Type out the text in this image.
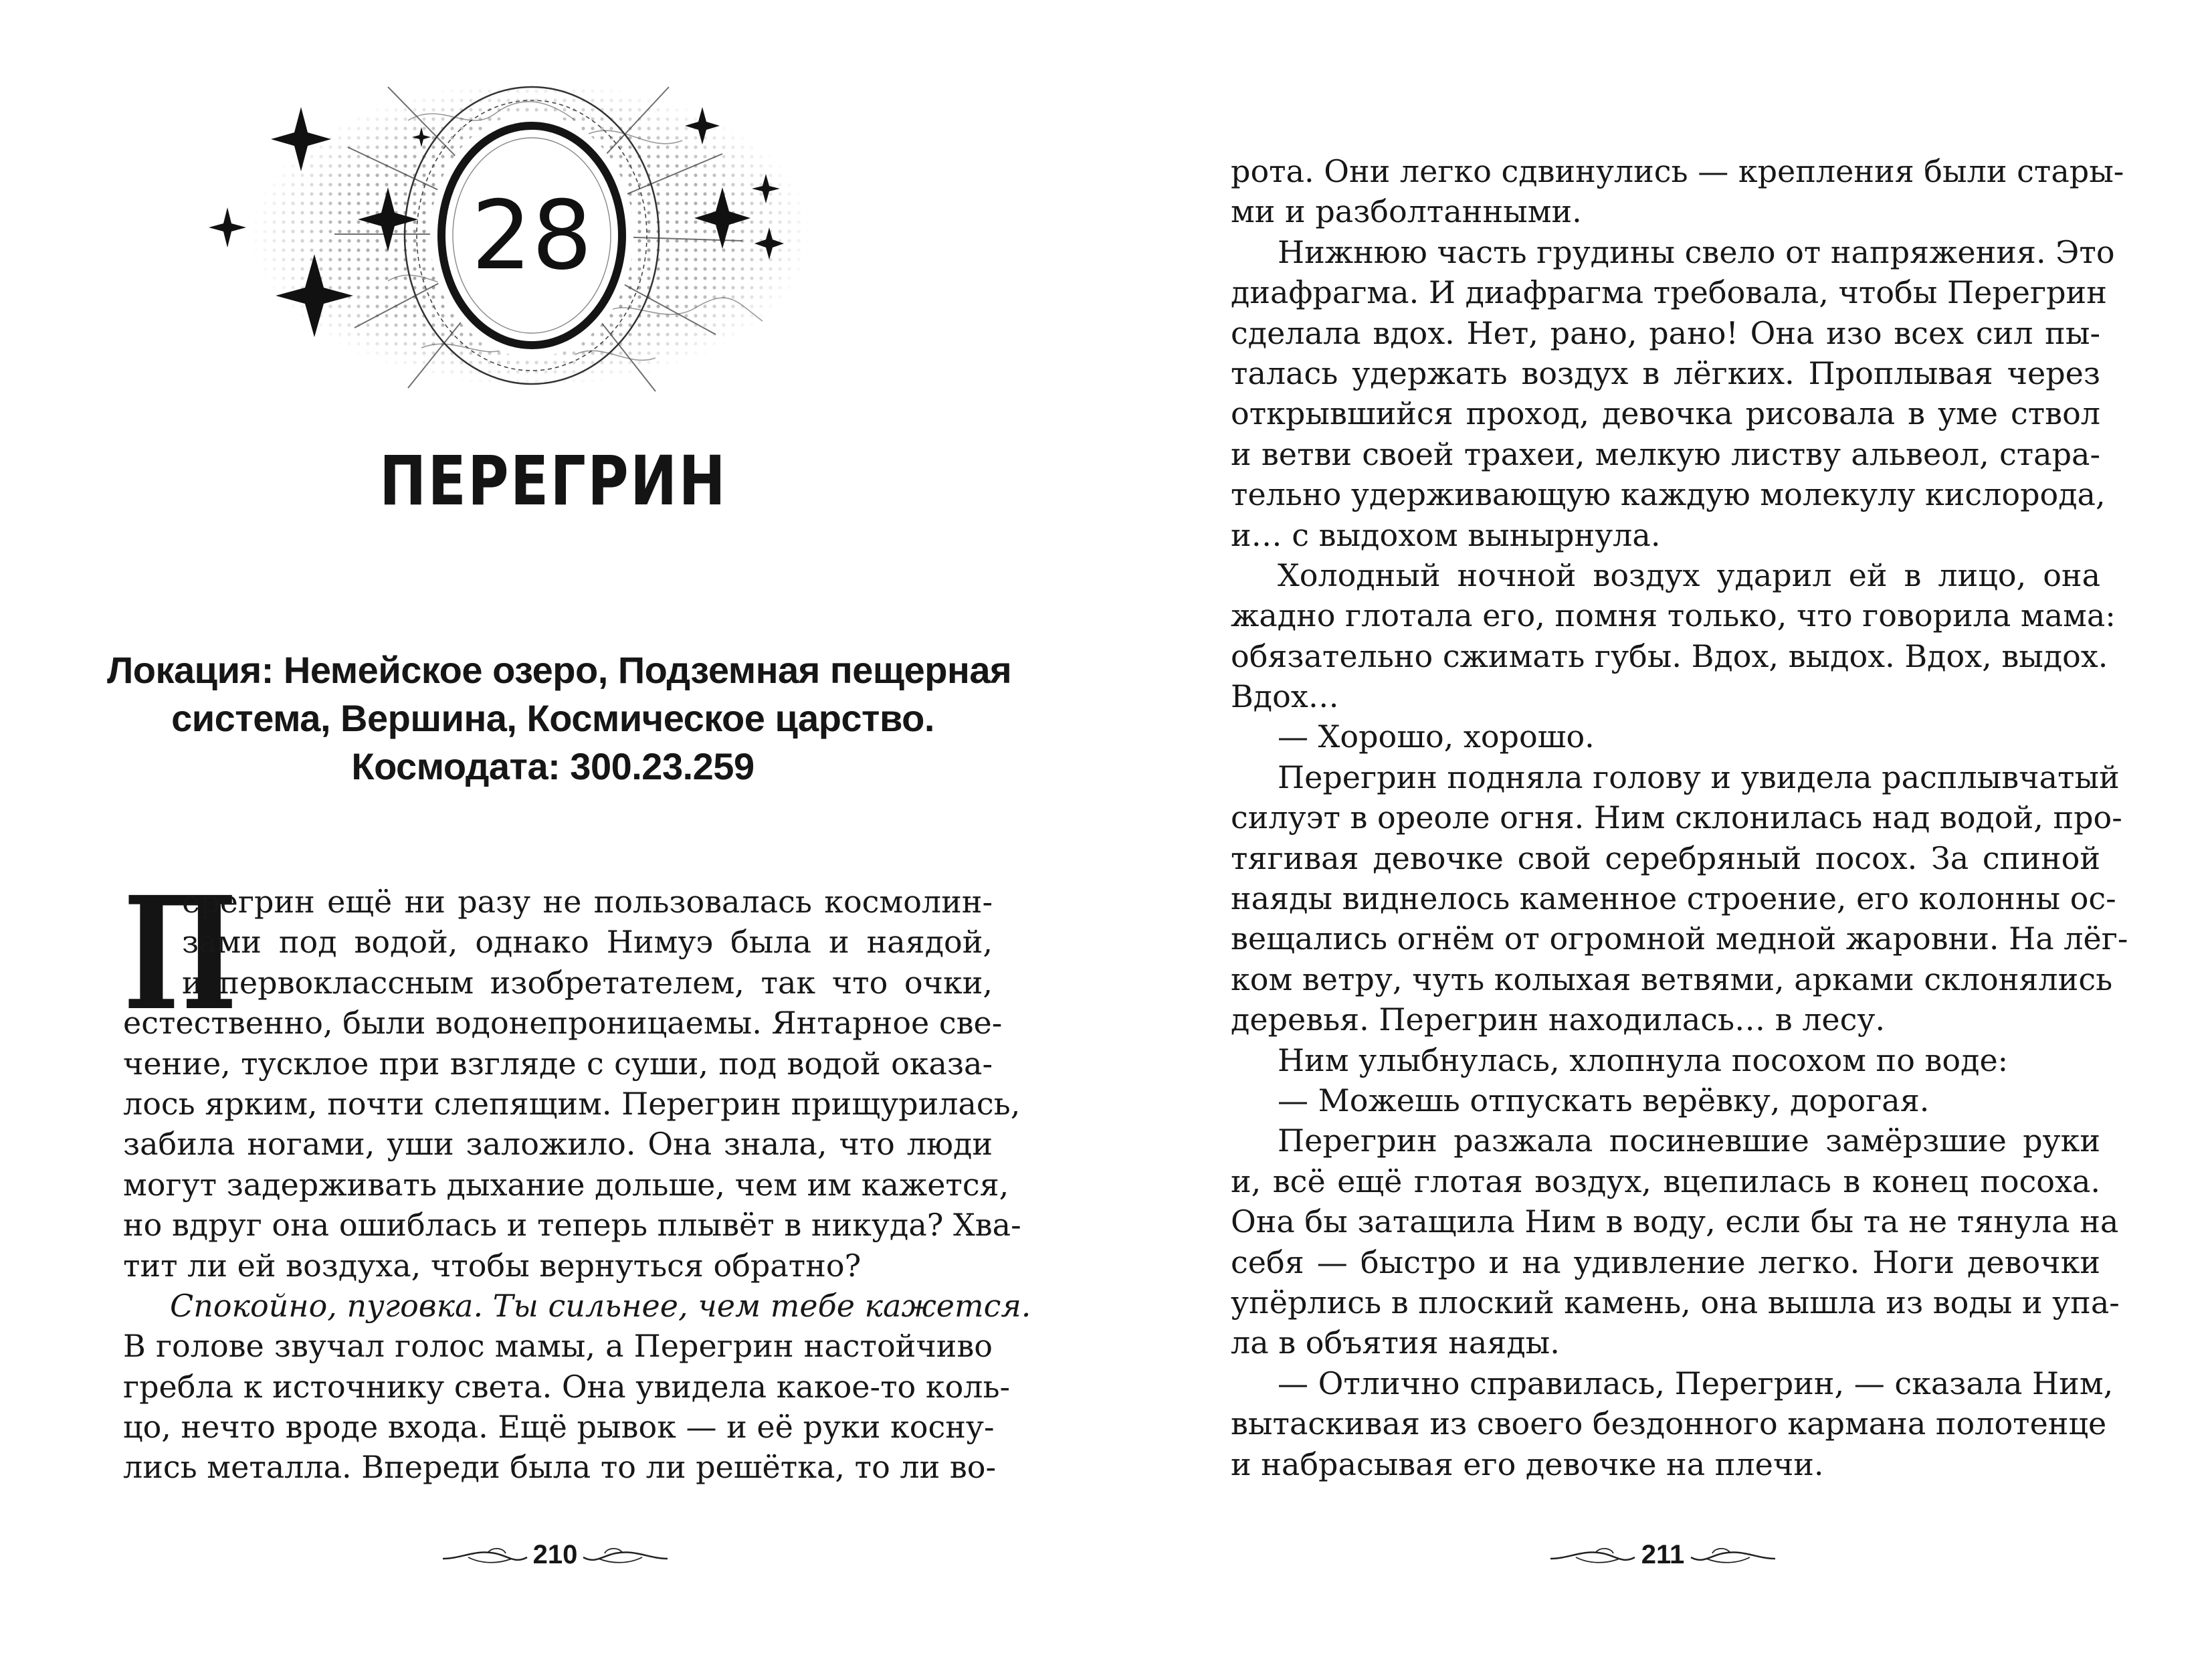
28
ПЕРЕГРИН
Локация: Немейское озеро, Подземная пещерная
система, Вершина, Космическое царство.
Космодата: 300.23.259
П
ерегрин ещё ни разу не пользовалась космолин-
зами под водой, однако Нимуэ была и наядой,
и первоклассным изобретателем, так что очки,
естественно, были водонепроницаемы. Янтарное све-
чение, тусклое при взгляде с суши, под водой оказа-
лось ярким, почти слепящим. Перегрин прищурилась,
забила ногами, уши заложило. Она знала, что люди
могут задерживать дыхание дольше, чем им кажется,
но вдруг она ошиблась и теперь плывёт в никуда? Хва-
тит ли ей воздуха, чтобы вернуться обратно?
Спокойно, пуговка. Ты сильнее, чем тебе кажется.
В голове звучал голос мамы, а Перегрин настойчиво
гребла к источнику света. Она увидела какое-то коль-
цо, нечто вроде входа. Ещё рывок — и её руки косну-
лись металла. Впереди была то ли решётка, то ли во-
210
рота. Они легко сдвинулись — крепления были стары-
ми и разболтанными.
Нижнюю часть грудины свело от напряжения. Это
диафрагма. И диафрагма требовала, чтобы Перегрин
сделала вдох. Нет, рано, рано! Она изо всех сил пы-
талась удержать воздух в лёгких. Проплывая через
открывшийся проход, девочка рисовала в уме ствол
и ветви своей трахеи, мелкую листву альвеол, стара-
тельно удерживающую каждую молекулу кислорода,
и… с выдохом вынырнула.
Холодный ночной воздух ударил ей в лицо, она
жадно глотала его, помня только, что говорила мама:
обязательно сжимать губы. Вдох, выдох. Вдох, выдох.
Вдох…
— Хорошо, хорошо.
Перегрин подняла голову и увидела расплывчатый
силуэт в ореоле огня. Ним склонилась над водой, про-
тягивая девочке свой серебряный посох. За спиной
наяды виднелось каменное строение, его колонны ос-
вещались огнём от огромной медной жаровни. На лёг-
ком ветру, чуть колыхая ветвями, арками склонялись
деревья. Перегрин находилась… в лесу.
Ним улыбнулась, хлопнула посохом по воде:
— Можешь отпускать верёвку, дорогая.
Перегрин разжала посиневшие замёрзшие руки
и, всё ещё глотая воздух, вцепилась в конец посоха.
Она бы затащила Ним в воду, если бы та не тянула на
себя — быстро и на удивление легко. Ноги девочки
упёрлись в плоский камень, она вышла из воды и упа-
ла в объятия наяды.
— Отлично справилась, Перегрин, — сказала Ним,
вытаскивая из своего бездонного кармана полотенце
и набрасывая его девочке на плечи.
211
